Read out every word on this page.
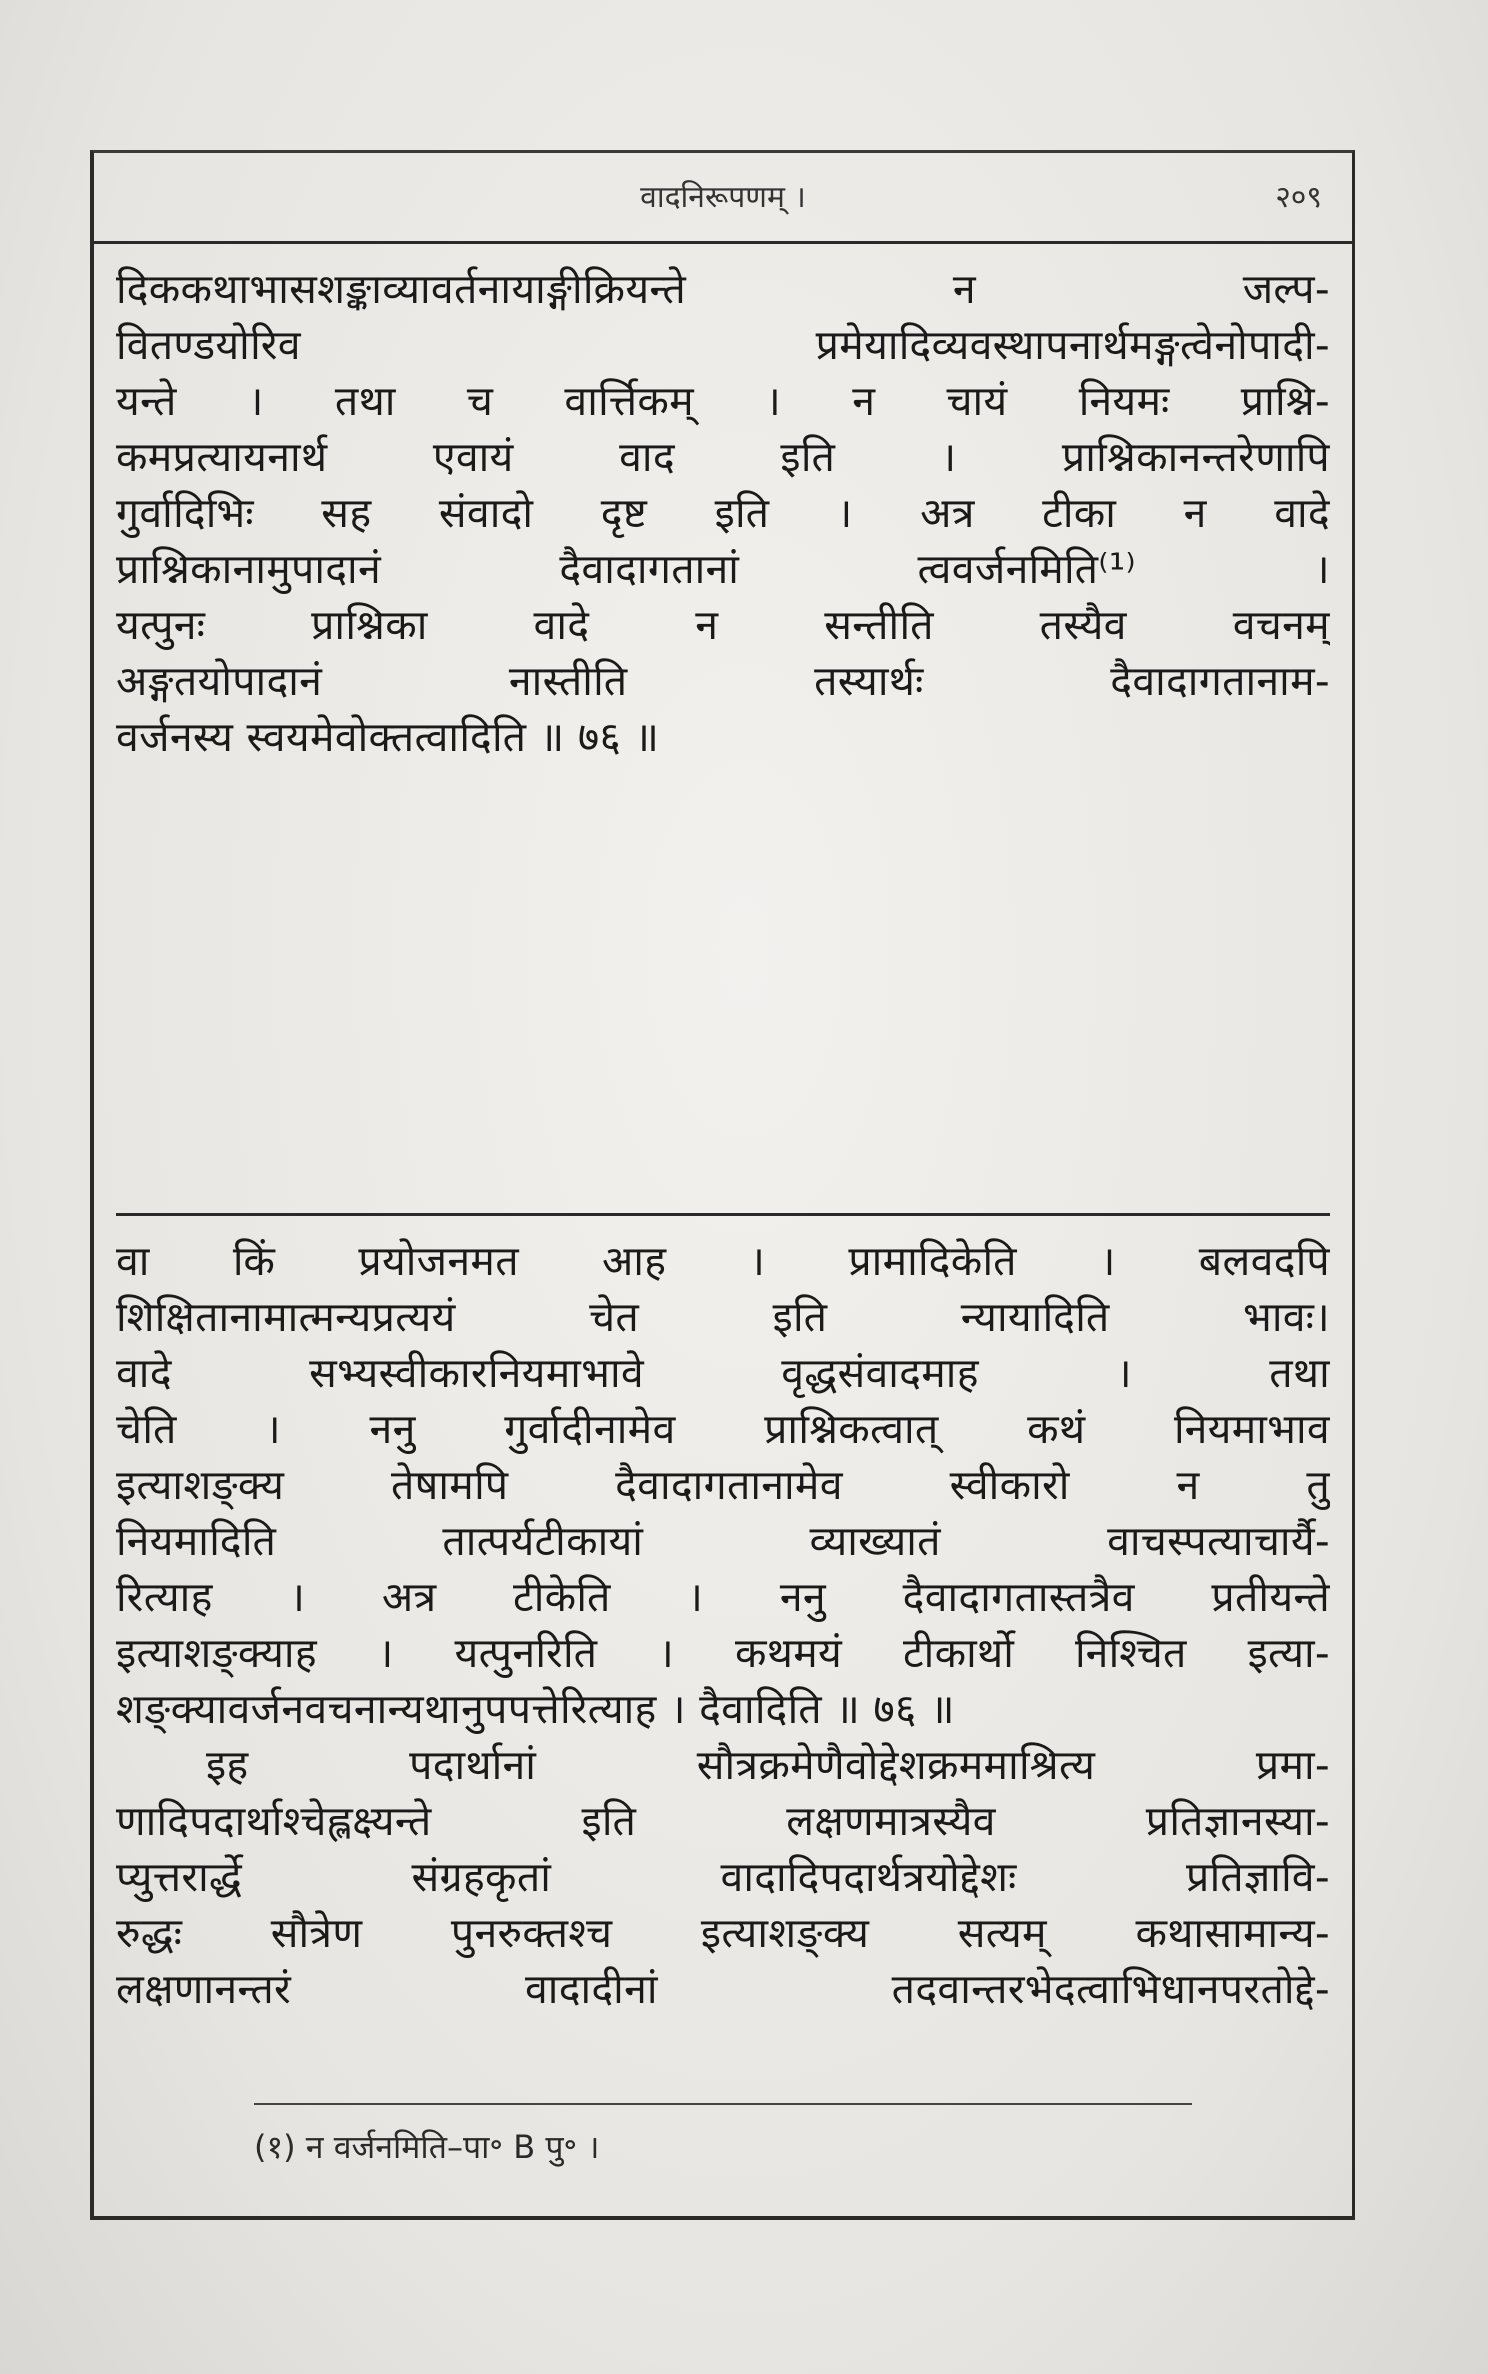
वादनिरूपणम् ।	२०९
दिककथाभासशङ्काव्यावर्तनायाङ्गीक्रियन्ते न जल्प-
वितण्डयोरिव प्रमेयादिव्यवस्थापनार्थमङ्गत्वेनोपादी-
यन्ते । तथा च वार्त्तिकम् । न चायं नियमः प्राश्नि-
कमप्रत्यायनार्थ एवायं वाद इति । प्राश्निकानन्तरेणापि
गुर्वादिभिः सह संवादो दृष्ट इति । अत्र टीका न वादे
प्राश्निकानामुपादानं दैवादागतानां त्ववर्जनमिति⁽¹⁾ ।
यत्पुनः प्राश्निका वादे न सन्तीति तस्यैव वचनम्
अङ्गतयोपादानं नास्तीति तस्यार्थः दैवादागतानाम-
वर्जनस्य स्वयमेवोक्तत्वादिति ॥ ७६ ॥
वा किं प्रयोजनमत आह । प्रामादिकेति । बलवदपि
शिक्षितानामात्मन्यप्रत्ययं चेत इति न्यायादिति भावः।
वादे सभ्यस्वीकारनियमाभावे वृद्धसंवादमाह । तथा
चेति । ननु गुर्वादीनामेव प्राश्निकत्वात् कथं नियमाभाव
इत्याशङ्क्य तेषामपि दैवादागतानामेव स्वीकारो न तु
नियमादिति तात्पर्यटीकायां व्याख्यातं वाचस्पत्याचार्यै-
रित्याह । अत्र टीकेति । ननु दैवादागतास्तत्रैव प्रतीयन्ते
इत्याशङ्क्याह । यत्पुनरिति । कथमयं टीकार्थो निश्चित इत्या-
शङ्क्यावर्जनवचनान्यथानुपपत्तेरित्याह । दैवादिति ॥ ७६ ॥
इह पदार्थानां सौत्रक्रमेणैवोद्देशक्रममाश्रित्य प्रमा-
णादिपदार्थाश्चेह्लक्ष्यन्ते इति लक्षणमात्रस्यैव प्रतिज्ञानस्या-
प्युत्तरार्द्धे संग्रहकृतां वादादिपदार्थत्रयोद्देशः प्रतिज्ञावि-
रुद्धः सौत्रेण पुनरुक्तश्च इत्याशङ्क्य सत्यम् कथासामान्य-
लक्षणानन्तरं वादादीनां तदवान्तरभेदत्वाभिधानपरतोद्दे-
(१) न वर्जनमिति–पा॰ B पु॰ ।
